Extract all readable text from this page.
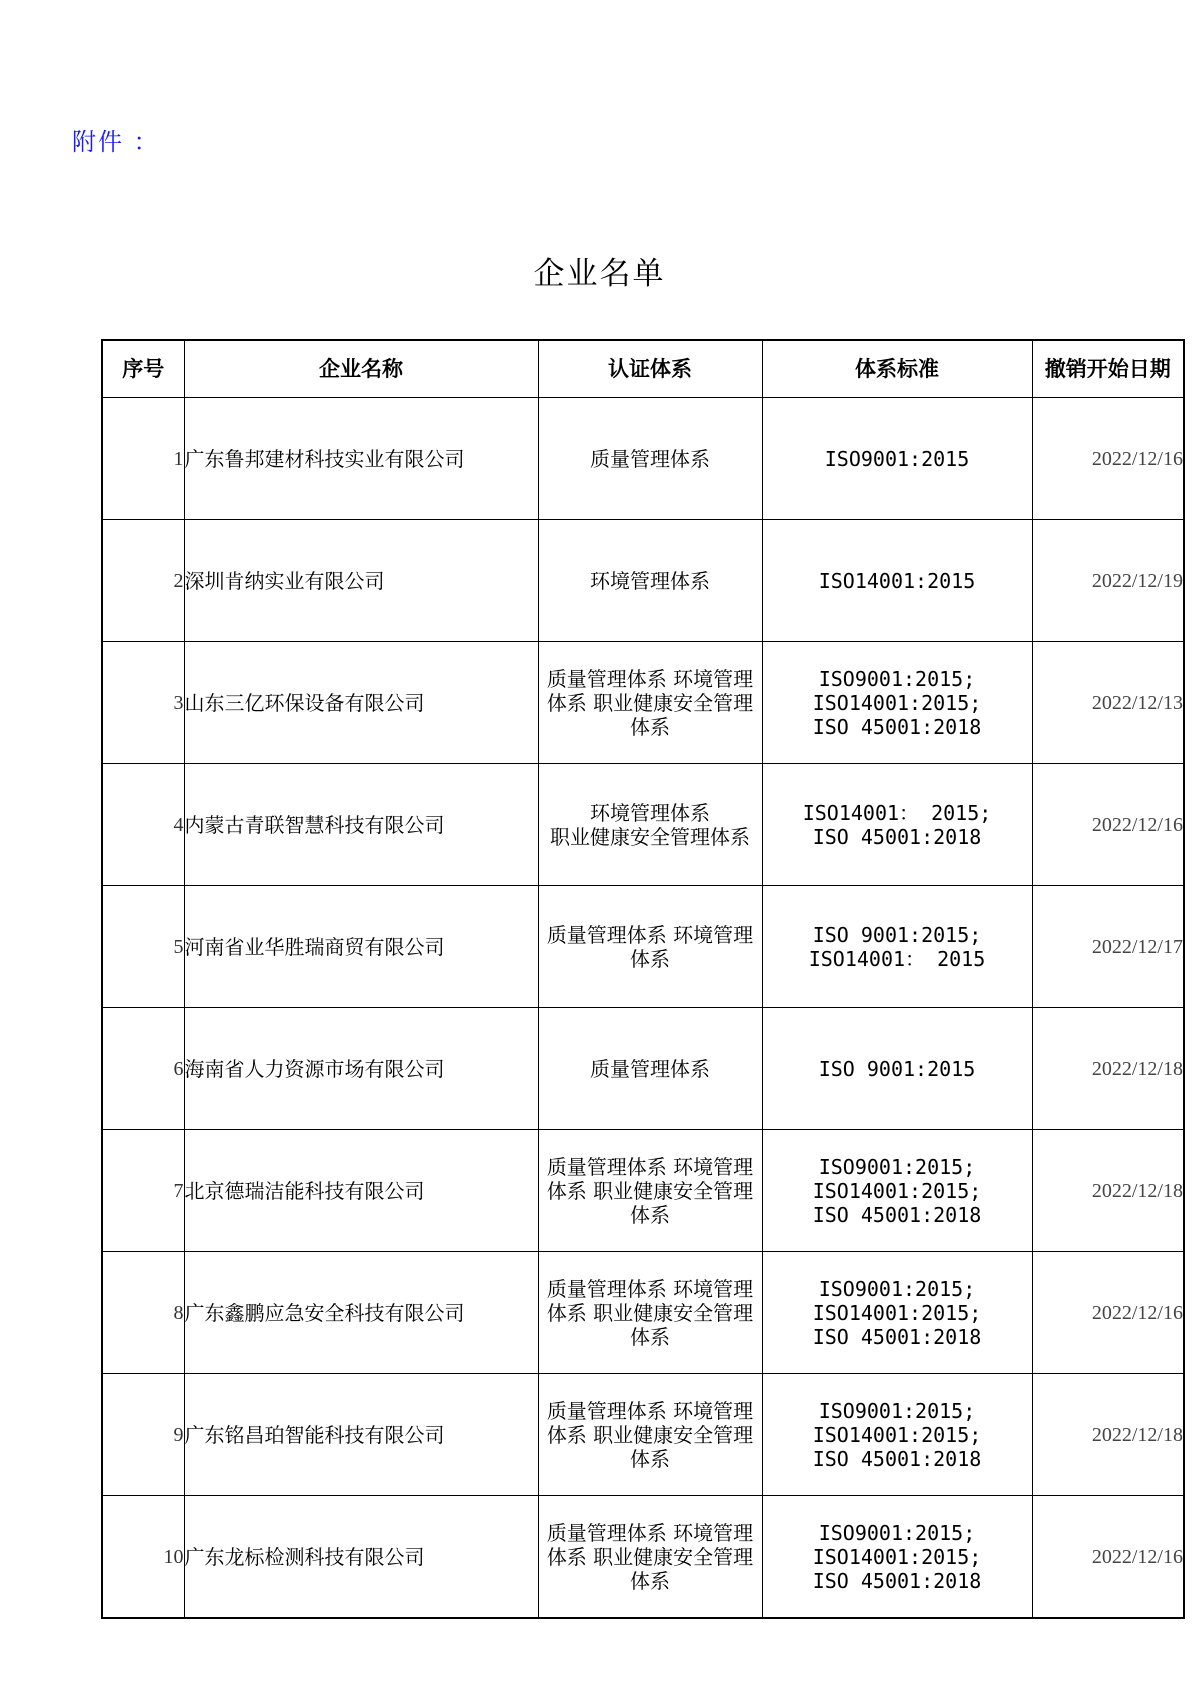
附件 ：
企业名单
序号	企业名称	认证体系	体系标准	撤销开始日期
1	广东鲁邦建材科技实业有限公司	质量管理体系	ISO9001:2015	2022/12/16
2	深圳肯纳实业有限公司	环境管理体系	ISO14001:2015	2022/12/19
3	山东三亿环保设备有限公司	质量管理体系 环境管理体系 职业健康安全管理体系	ISO9001:2015;
ISO14001:2015;
ISO 45001:2018	2022/12/13
4	内蒙古青联智慧科技有限公司	环境管理体系
职业健康安全管理体系	ISO14001： 2015;
ISO 45001:2018	2022/12/16
5	河南省业华胜瑞商贸有限公司	质量管理体系 环境管理体系	ISO 9001:2015;
ISO14001： 2015	2022/12/17
6	海南省人力资源市场有限公司	质量管理体系	ISO 9001:2015	2022/12/18
7	北京德瑞洁能科技有限公司	质量管理体系 环境管理体系 职业健康安全管理体系	ISO9001:2015;
ISO14001:2015;
ISO 45001:2018	2022/12/18
8	广东鑫鹏应急安全科技有限公司	质量管理体系 环境管理体系 职业健康安全管理体系	ISO9001:2015;
ISO14001:2015;
ISO 45001:2018	2022/12/16
9	广东铭昌珀智能科技有限公司	质量管理体系 环境管理体系 职业健康安全管理体系	ISO9001:2015;
ISO14001:2015;
ISO 45001:2018	2022/12/18
10	广东龙标检测科技有限公司	质量管理体系 环境管理体系 职业健康安全管理体系	ISO9001:2015;
ISO14001:2015;
ISO 45001:2018	2022/12/16
